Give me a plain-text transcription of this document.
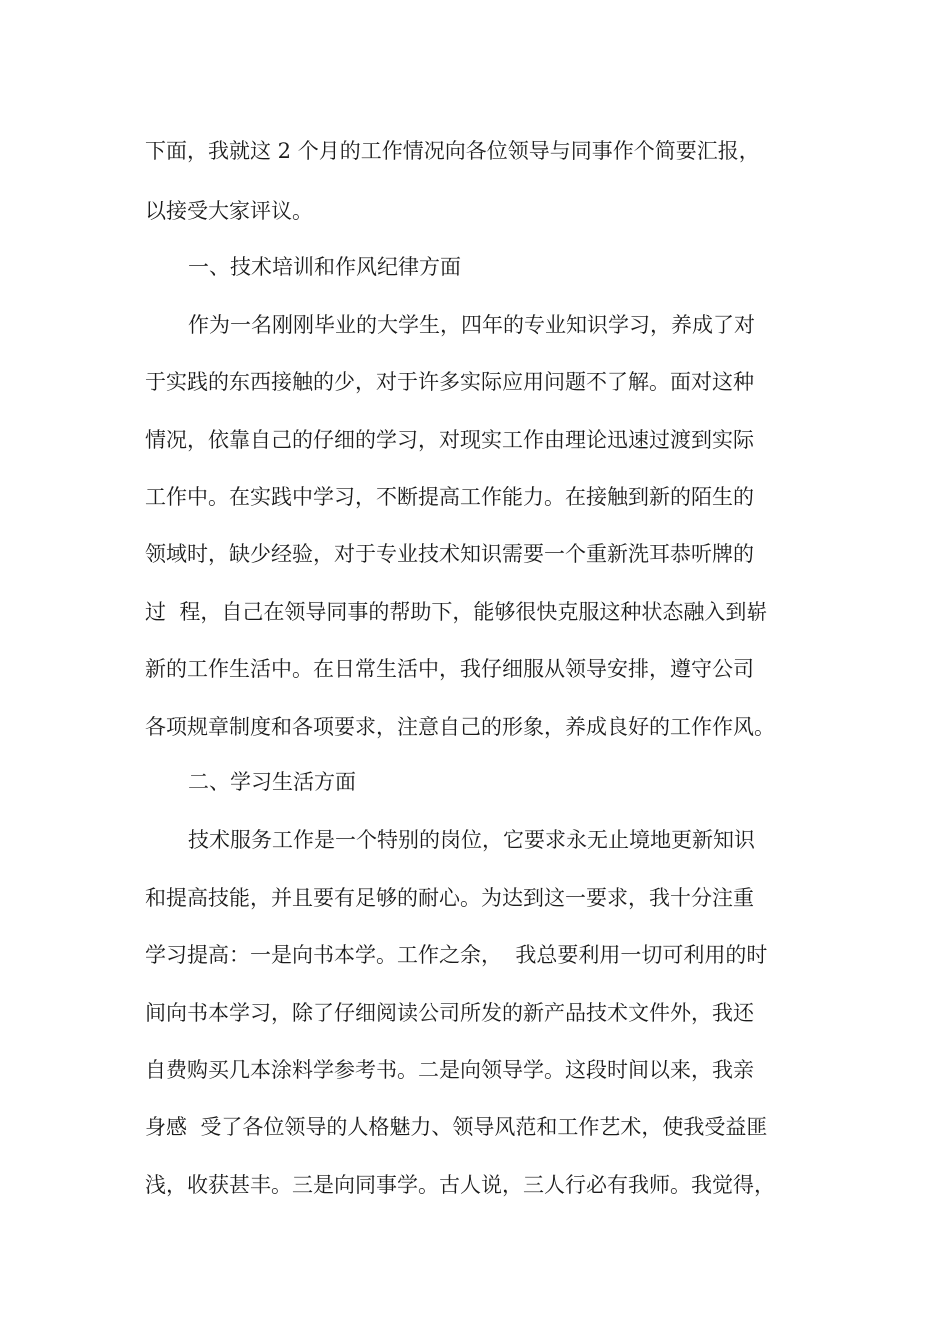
下面，我就这 2 个月的工作情况向各位领导与同事作个简要汇报，

以接受大家评议。

一、技术培训和作风纪律方面

作为一名刚刚毕业的大学生，四年的专业知识学习，养成了对

于实践的东西接触的少，对于许多实际应用问题不了解。面对这种

情况，依靠自己的仔细的学习，对现实工作由理论迅速过渡到实际

工作中。在实践中学习，不断提高工作能力。在接触到新的陌生的

领域时，缺少经验，对于专业技术知识需要一个重新洗耳恭听牌的

过  程，自己在领导同事的帮助下，能够很快克服这种状态融入到崭

新的工作生活中。在日常生活中，我仔细服从领导安排，遵守公司

各项规章制度和各项要求，注意自己的形象，养成良好的工作作风。

二、学习生活方面

技术服务工作是一个特别的岗位，它要求永无止境地更新知识

和提高技能，并且要有足够的耐心。为达到这一要求，我十分注重

学习提高：一是向书本学。工作之余，  我总要利用一切可利用的时

间向书本学习，除了仔细阅读公司所发的新产品技术文件外，我还

自费购买几本涂料学参考书。二是向领导学。这段时间以来，我亲

身感  受了各位领导的人格魅力、领导风范和工作艺术，使我受益匪

浅，收获甚丰。三是向同事学。古人说，三人行必有我师。我觉得，
